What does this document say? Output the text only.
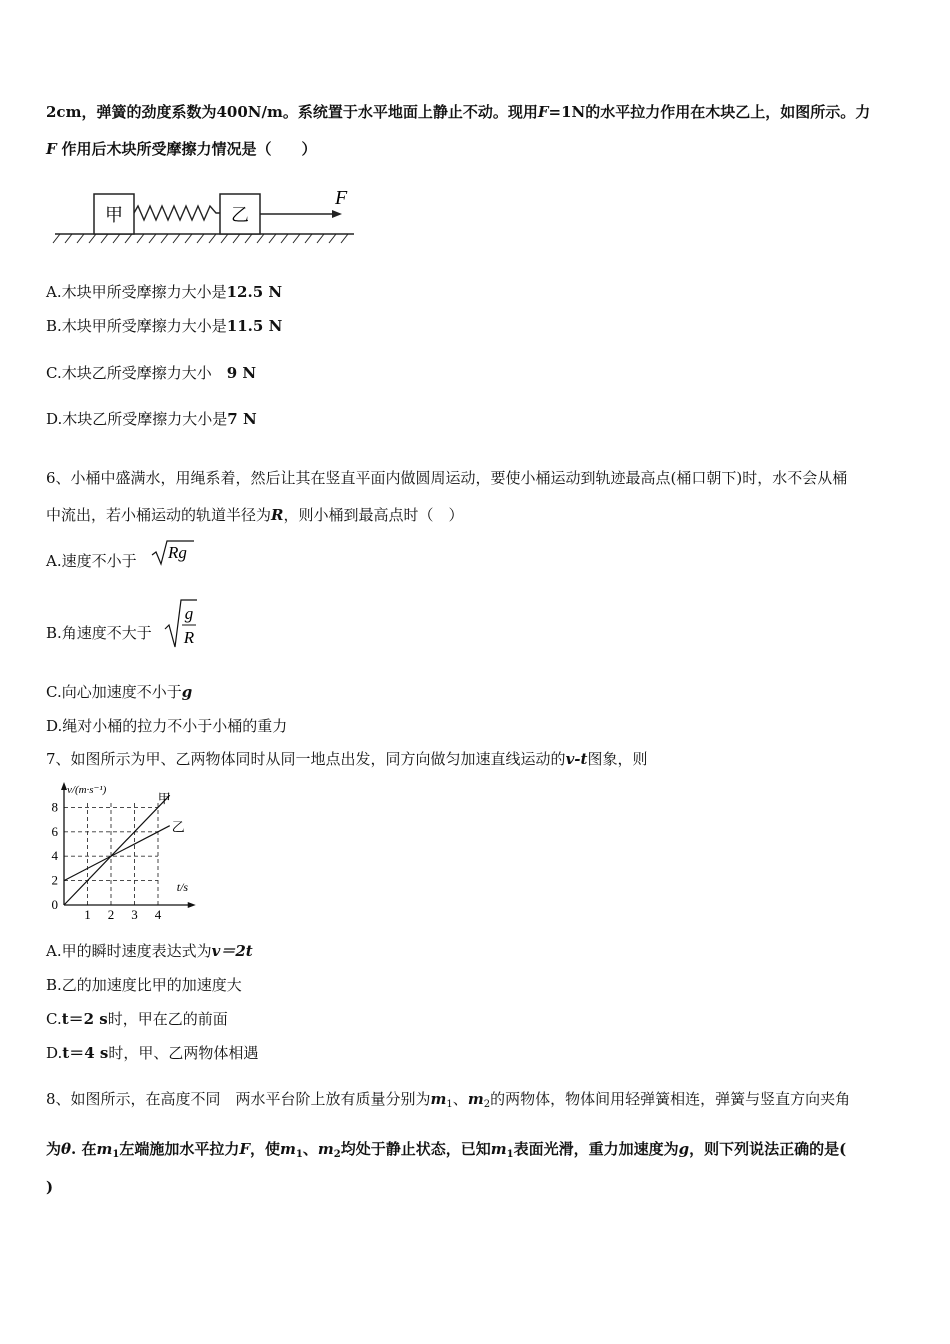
2cm，弹簧的劲度系数为400N/m。系统置于水平地面上静止不动。现用F=1N的水平拉力作用在木块乙上，如图所示。力
F 作用后木块所受摩擦力情况是（　　）
甲	乙
F
A.木块甲所受摩擦力大小是12.5 N
B.木块甲所受摩擦力大小是11.5 N
C.木块乙所受摩擦力大小　9 N
D.木块乙所受摩擦力大小是7 N
6、小桶中盛满水，用绳系着，然后让其在竖直平面内做圆周运动，要使小桶运动到轨迹最高点(桶口朝下)时，水不会从桶
中流出，若小桶运动的轨道半径为R，则小桶到最高点时（　）
A.速度不小于 Rg
B.角速度不大于
g
R
C.向心加速度不小于g
D.绳对小桶的拉力不小于小桶的重力
7、如图所示为甲、乙两物体同时从同一地点出发，同方向做匀加速直线运动的v-t图象，则
1 2 3 4
2
4
6
8
0
v/(m·s⁻¹)
t/s
甲
乙
A.甲的瞬时速度表达式为v＝2t
B.乙的加速度比甲的加速度大
C.t＝2 s时，甲在乙的前面
D.t＝4 s时，甲、乙两物体相遇
8、如图所示，在高度不同　两水平台阶上放有质量分别为$m_1$、$m_2$的两物体，物体间用轻弹簧相连，弹簧与竖直方向夹角
为θ. 在$m_1$左端施加水平拉力F，使$m_1$、$m_2$均处于静止状态，已知$m_1$表面光滑，重力加速度为g，则下列说法正确的是(
)
